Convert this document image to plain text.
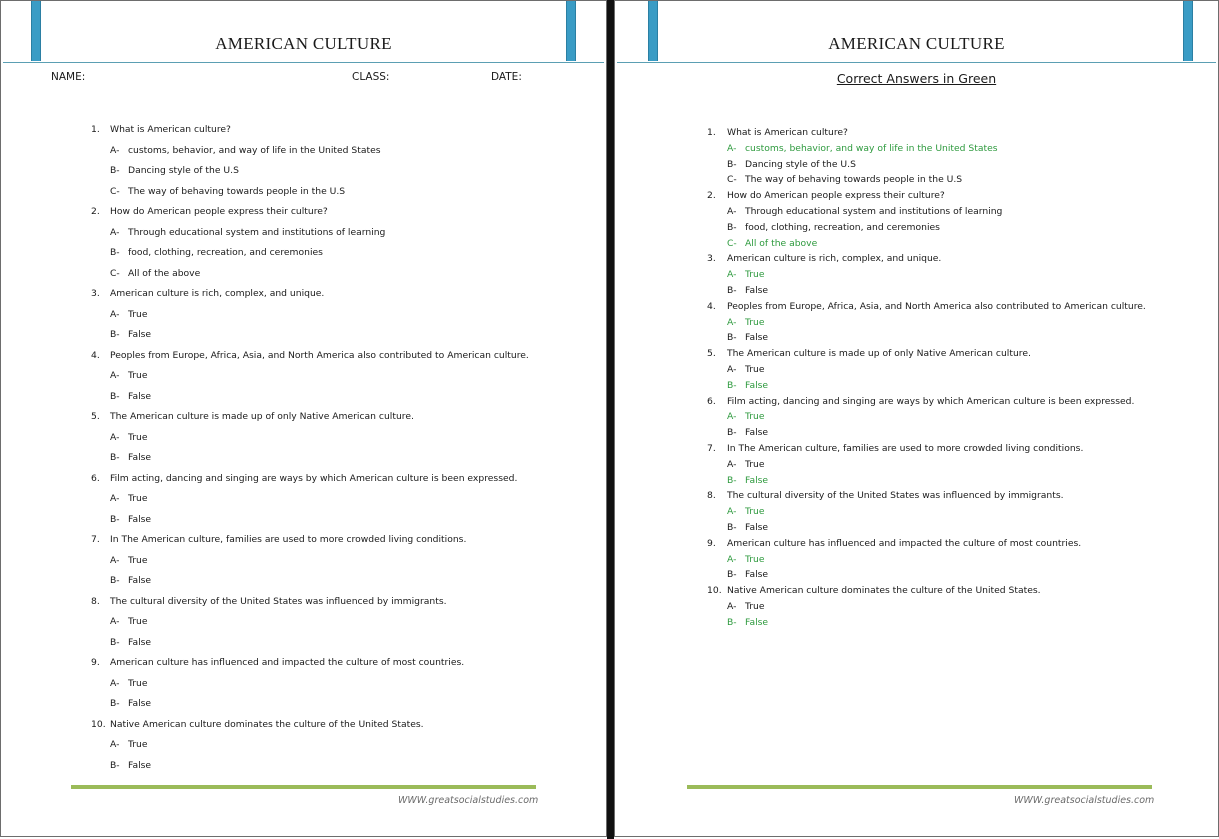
AMERICAN CULTURE
NAME:	CLASS:	DATE:
1. What is American culture?
A- customs, behavior, and way of life in the United States
B- Dancing style of the U.S
C- The way of behaving towards people in the U.S
2. How do American people express their culture?
A- Through educational system and institutions of learning
B- food, clothing, recreation, and ceremonies
C- All of the above
3. American culture is rich, complex, and unique.
A- True
B- False
4. Peoples from Europe, Africa, Asia, and North America also contributed to American culture.
A- True
B- False
5. The American culture is made up of only Native American culture.
A- True
B- False
6. Film acting, dancing and singing are ways by which American culture is been expressed.
A- True
B- False
7. In The American culture, families are used to more crowded living conditions.
A- True
B- False
8. The cultural diversity of the United States was influenced by immigrants.
A- True
B- False
9. American culture has influenced and impacted the culture of most countries.
A- True
B- False
10. Native American culture dominates the culture of the United States.
A- True
B- False
WWW.greatsocialstudies.com
AMERICAN CULTURE
Correct Answers in Green
1. What is American culture?
A- customs, behavior, and way of life in the United States
B- Dancing style of the U.S
C- The way of behaving towards people in the U.S
2. How do American people express their culture?
A- Through educational system and institutions of learning
B- food, clothing, recreation, and ceremonies
C- All of the above
3. American culture is rich, complex, and unique.
A- True
B- False
4. Peoples from Europe, Africa, Asia, and North America also contributed to American culture.
A- True
B- False
5. The American culture is made up of only Native American culture.
A- True
B- False
6. Film acting, dancing and singing are ways by which American culture is been expressed.
A- True
B- False
7. In The American culture, families are used to more crowded living conditions.
A- True
B- False
8. The cultural diversity of the United States was influenced by immigrants.
A- True
B- False
9. American culture has influenced and impacted the culture of most countries.
A- True
B- False
10. Native American culture dominates the culture of the United States.
A- True
B- False
WWW.greatsocialstudies.com
